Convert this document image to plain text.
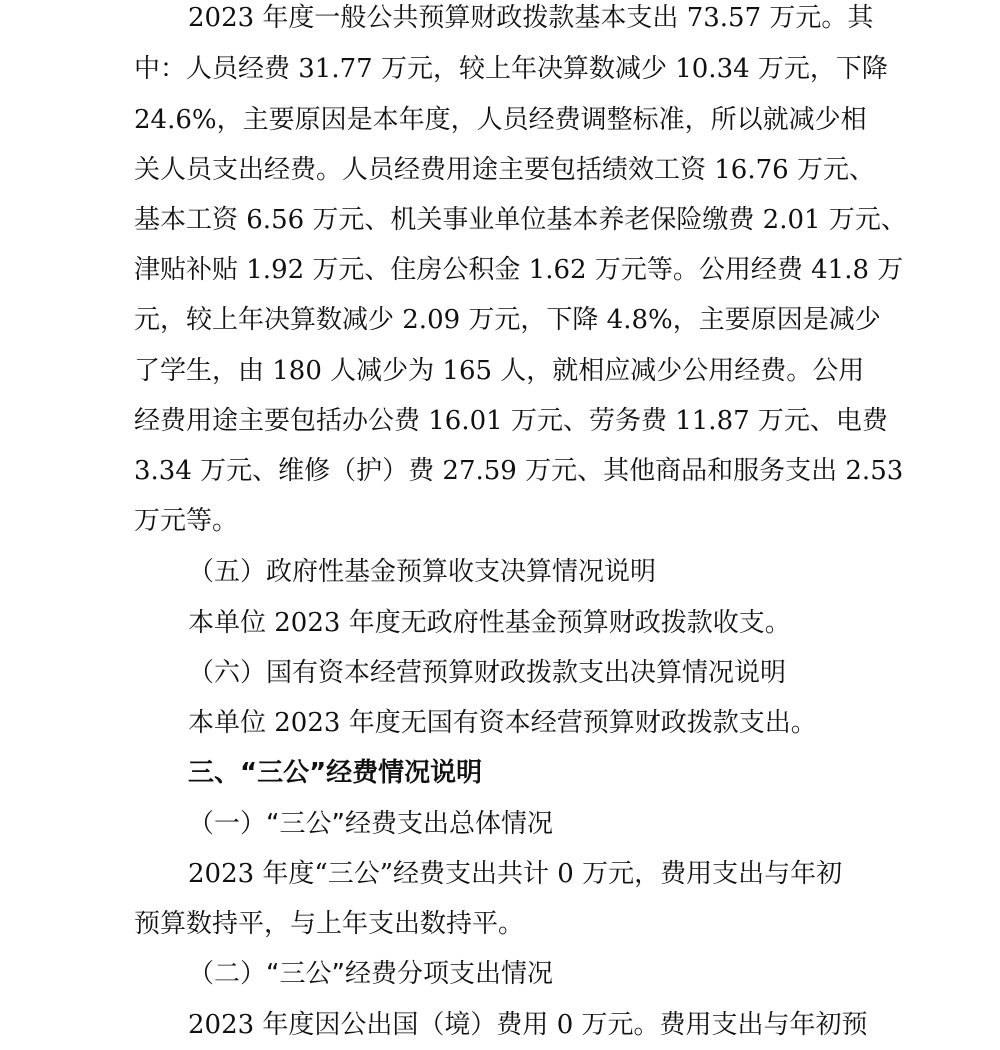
2023 年度一般公共预算财政拨款基本支出 73.57 万元。其
中：人员经费 31.77 万元，较上年决算数减少 10.34 万元，下降
24.6%，主要原因是本年度，人员经费调整标准，所以就减少相
关人员支出经费。人员经费用途主要包括绩效工资 16.76 万元、
基本工资 6.56 万元、机关事业单位基本养老保险缴费 2.01 万元、
津贴补贴 1.92 万元、住房公积金 1.62 万元等。公用经费 41.8 万
元，较上年决算数减少 2.09 万元，下降 4.8%，主要原因是减少
了学生，由 180 人减少为 165 人，就相应减少公用经费。公用
经费用途主要包括办公费 16.01 万元、劳务费 11.87 万元、电费
3.34 万元、维修（护）费 27.59 万元、其他商品和服务支出 2.53
万元等。
（五）政府性基金预算收支决算情况说明
本单位 2023 年度无政府性基金预算财政拨款收支。
（六）国有资本经营预算财政拨款支出决算情况说明
本单位 2023 年度无国有资本经营预算财政拨款支出。
三、“三公”经费情况说明
（一）“三公”经费支出总体情况
2023 年度“三公”经费支出共计 0 万元，费用支出与年初
预算数持平，与上年支出数持平。
（二）“三公”经费分项支出情况
2023 年度因公出国（境）费用 0 万元。费用支出与年初预
